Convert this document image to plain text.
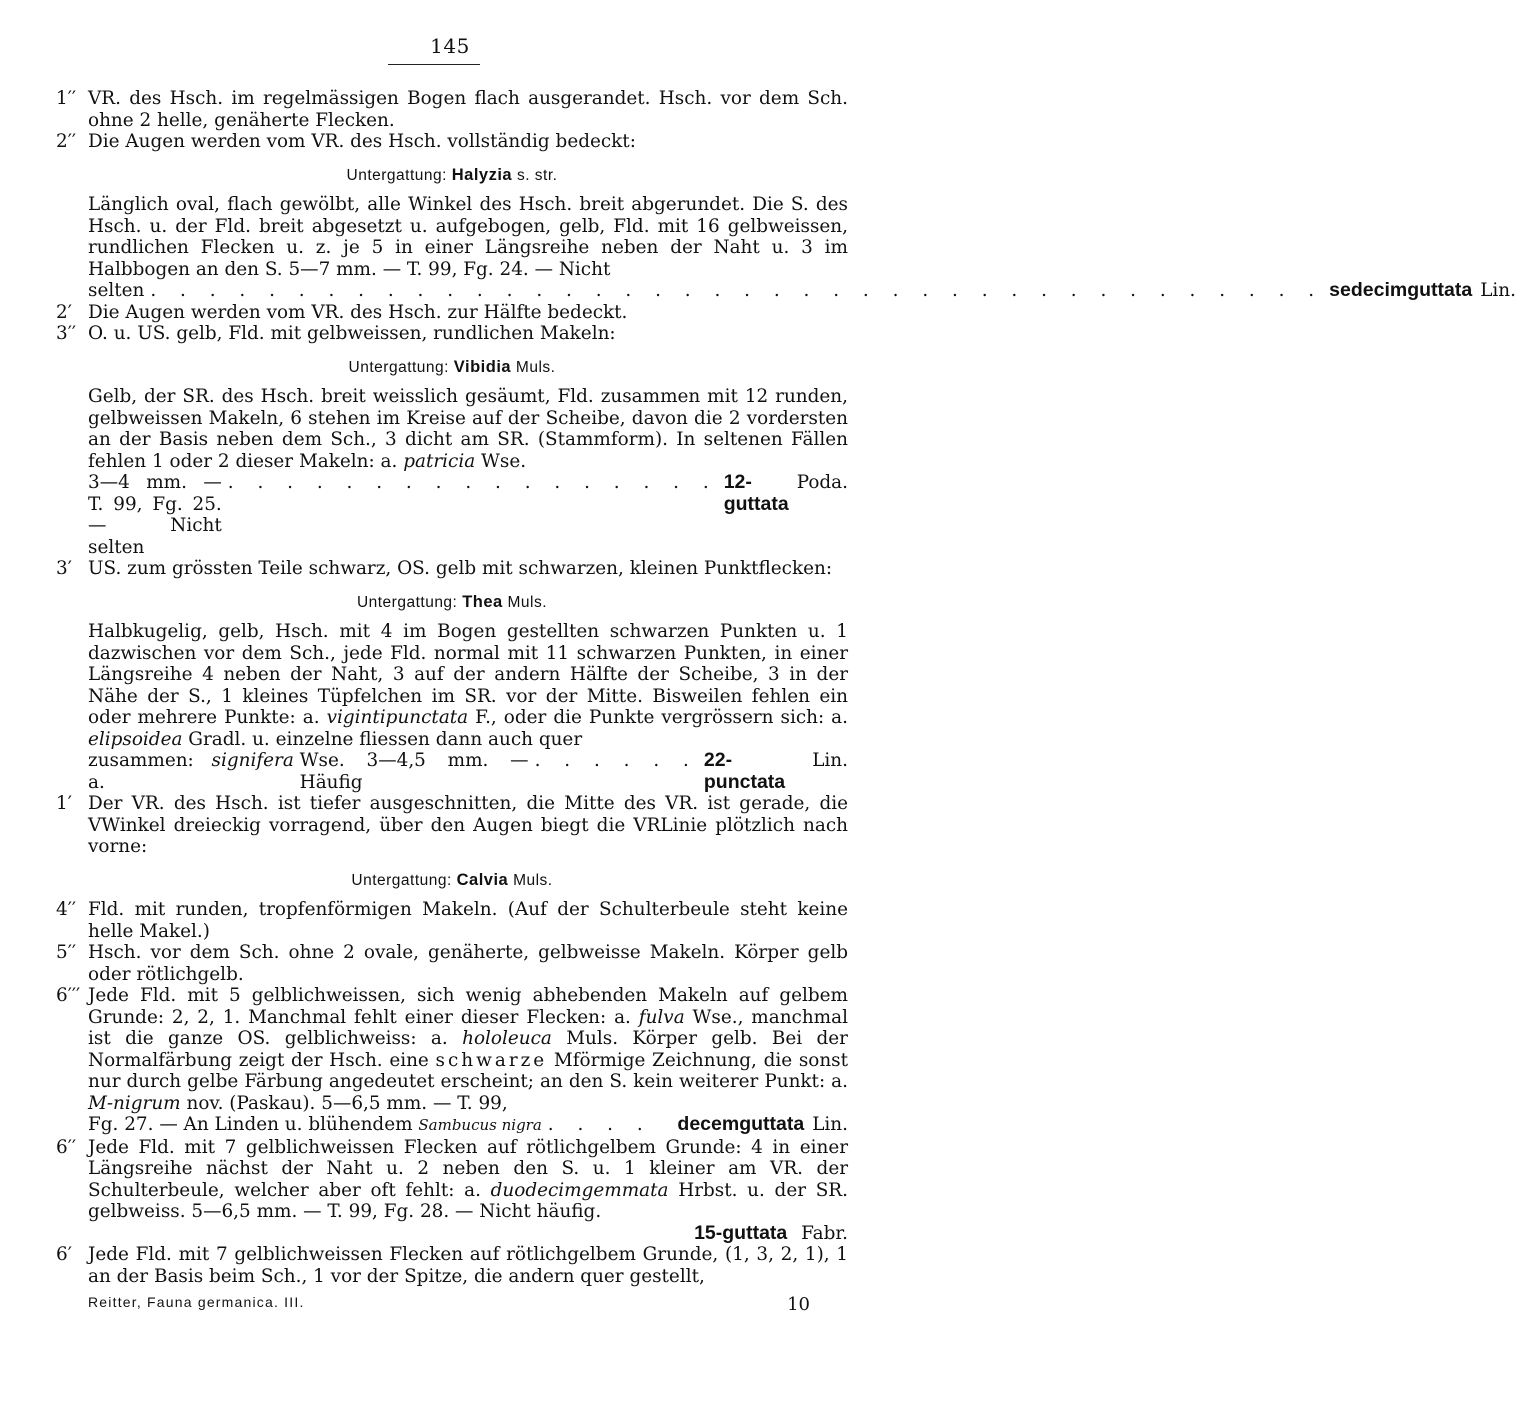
145
1′′ VR. des Hsch. im regelmässigen Bogen flach ausgerandet. Hsch. vor dem Sch. ohne 2 helle, genäherte Flecken.
2′′ Die Augen werden vom VR. des Hsch. vollständig bedeckt:
Untergattung: Halyzia s. str.
Länglich oval, flach gewölbt, alle Winkel des Hsch. breit abgerundet. Die S. des Hsch. u. der Fld. breit abgesetzt u. aufgebogen, gelb, Fld. mit 16 gelbweissen, rundlichen Flecken u. z. je 5 in einer Längsreihe neben der Naht u. 3 im Halbbogen an den S. 5—7 mm. — T. 99, Fg. 24. — Nicht
selten . . . . . . . . . . . . . . . . . . . . . . . . . . . . . . . . . . . . . . . . sedecimguttata Lin.
2′ Die Augen werden vom VR. des Hsch. zur Hälfte bedeckt.
3′′ O. u. US. gelb, Fld. mit gelbweissen, rundlichen Makeln:
Untergattung: Vibidia Muls.
Gelb, der SR. des Hsch. breit weisslich gesäumt, Fld. zusammen mit 12 runden, gelbweissen Makeln, 6 stehen im Kreise auf der Scheibe, davon die 2 vordersten an der Basis neben dem Sch., 3 dicht am SR. (Stammform). In seltenen Fällen fehlen 1 oder 2 dieser Makeln: a. patricia Wse.
3—4 mm. — T. 99, Fg. 25. — Nicht selten
. . . . . . . . . . . . . . . . . 12-guttata
Poda.
3′ US. zum grössten Teile schwarz, OS. gelb mit schwarzen, kleinen Punktflecken:
Untergattung: Thea Muls.
Halbkugelig, gelb, Hsch. mit 4 im Bogen gestellten schwarzen Punkten u. 1 dazwischen vor dem Sch., jede Fld. normal mit 11 schwarzen Punkten, in einer Längsreihe 4 neben der Naht, 3 auf der andern Hälfte der Scheibe, 3 in der Nähe der S., 1 kleines Tüpfelchen im SR. vor der Mitte. Bisweilen fehlen ein oder mehrere Punkte: a. vigintipunctata F., oder die Punkte vergrössern sich: a. elipsoidea Gradl. u. einzelne fliessen dann auch quer
zusammen: a.

signifera
Wse. 3—4,5 mm. — Häufig
. . . . . . 22-punctata
Lin.
1′ Der VR. des Hsch. ist tiefer ausgeschnitten, die Mitte des VR. ist gerade, die VWinkel dreieckig vorragend, über den Augen biegt die VRLinie plötzlich nach vorne:
Untergattung: Calvia Muls.
4′′ Fld. mit runden, tropfenförmigen Makeln. (Auf der Schulterbeule steht keine helle Makel.)
5′′ Hsch. vor dem Sch. ohne 2 ovale, genäherte, gelbweisse Makeln. Körper gelb oder rötlichgelb.
6′′′ Jede Fld. mit 5 gelblichweissen, sich wenig abhebenden Makeln auf gelbem Grunde: 2, 2, 1. Manchmal fehlt einer dieser Flecken: a. fulva Wse., manchmal ist die ganze OS. gelblichweiss: a. hololeuca Muls. Körper gelb. Bei der Normalfärbung zeigt der Hsch. eine schwarze Mförmige Zeichnung, die sonst nur durch gelbe Färbung angedeutet erscheint; an den S. kein weiterer Punkt: a. M-nigrum nov. (Paskau). 5—6,5 mm. — T. 99,
Fg. 27. — An Linden u. blühendem
Sambucus nigra . . . .	decemguttata Lin.
6′′ Jede Fld. mit 7 gelblichweissen Flecken auf rötlichgelbem Grunde: 4 in einer Längsreihe nächst der Naht u. 2 neben den S. u. 1 kleiner am VR. der Schulterbeule, welcher aber oft fehlt: a. duodecimgemmata Hrbst. u. der SR. gelbweiss. 5—6,5 mm. — T. 99, Fg. 28. — Nicht häufig.
15-guttata Fabr.
6′ Jede Fld. mit 7 gelblichweissen Flecken auf rötlichgelbem Grunde, (1, 3, 2, 1), 1 an der Basis beim Sch., 1 vor der Spitze, die andern quer gestellt,
Reitter, Fauna germanica. III.	10
